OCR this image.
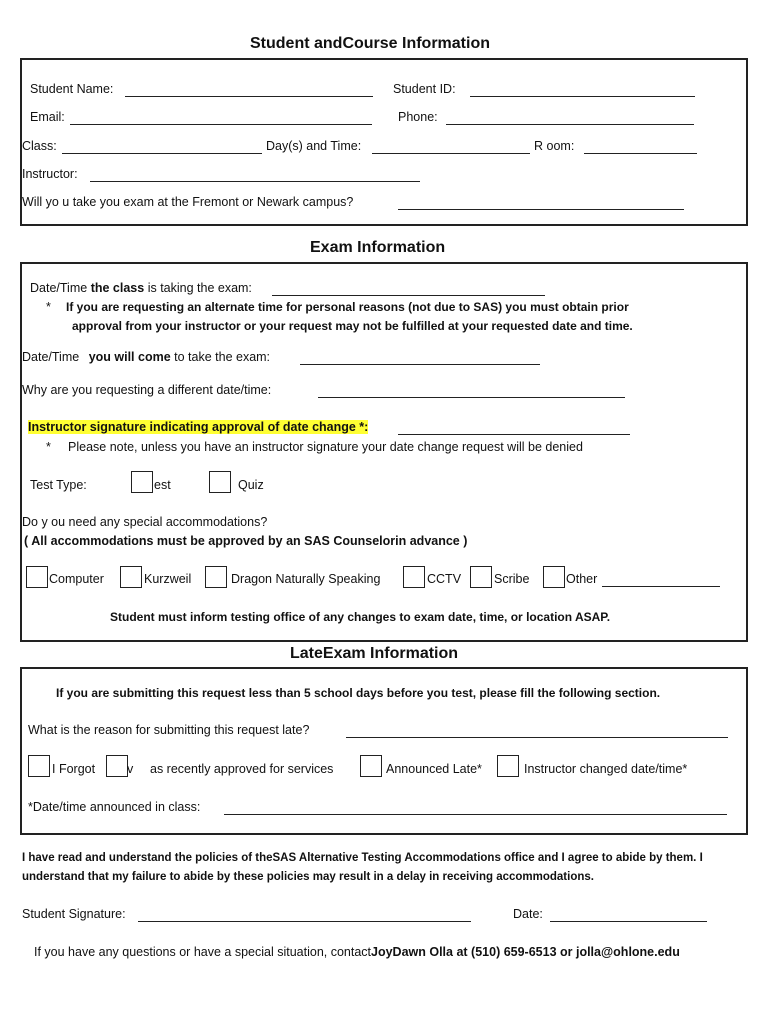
Student andCourse Information
Student Name:	Student ID:
Email:	Phone:
Class:	Day(s) and Time:	R oom:
Instructor:
Will yo u take you exam at the Fremont or Newark campus?
Exam Information
Date/Time the class is taking the exam:
* If you are requesting an alternate time for personal reasons (not due to SAS) you must obtain prior
approval from your instructor or your request may not be fulfilled at your requested date and time.
Date/Time you will come to take the exam:
Why are you requesting a different date/time:
Instructor signature indicating approval of date change *:
* Please note, unless you have an instructor signature your date change request will be denied
Test Type:	est	Quiz
Do y ou need any special accommodations?
( All accommodations must be approved by an SAS Counselorin advance )
Computer	Kurzweil	Dragon Naturally Speaking	CCTV	Scribe	Other
Student must inform testing office of any changes to exam date, time, or location ASAP.
LateExam Information
If you are submitting this request less than 5 school days before you test, please fill the following section.
What is the reason for submitting this request late?
I Forgot	v as recently approved for services	Announced Late*	Instructor changed date/time*
*Date/time announced in class:
I have read and understand the policies of theSAS Alternative Testing Accommodations office and I agree to abide by them. I
understand that my failure to abide by these policies may result in a delay in receiving accommodations.
Student Signature:	Date:
If you have any questions or have a special situation, contactJoyDawn Olla at (510) 659-6513 or jolla@ohlone.edu
